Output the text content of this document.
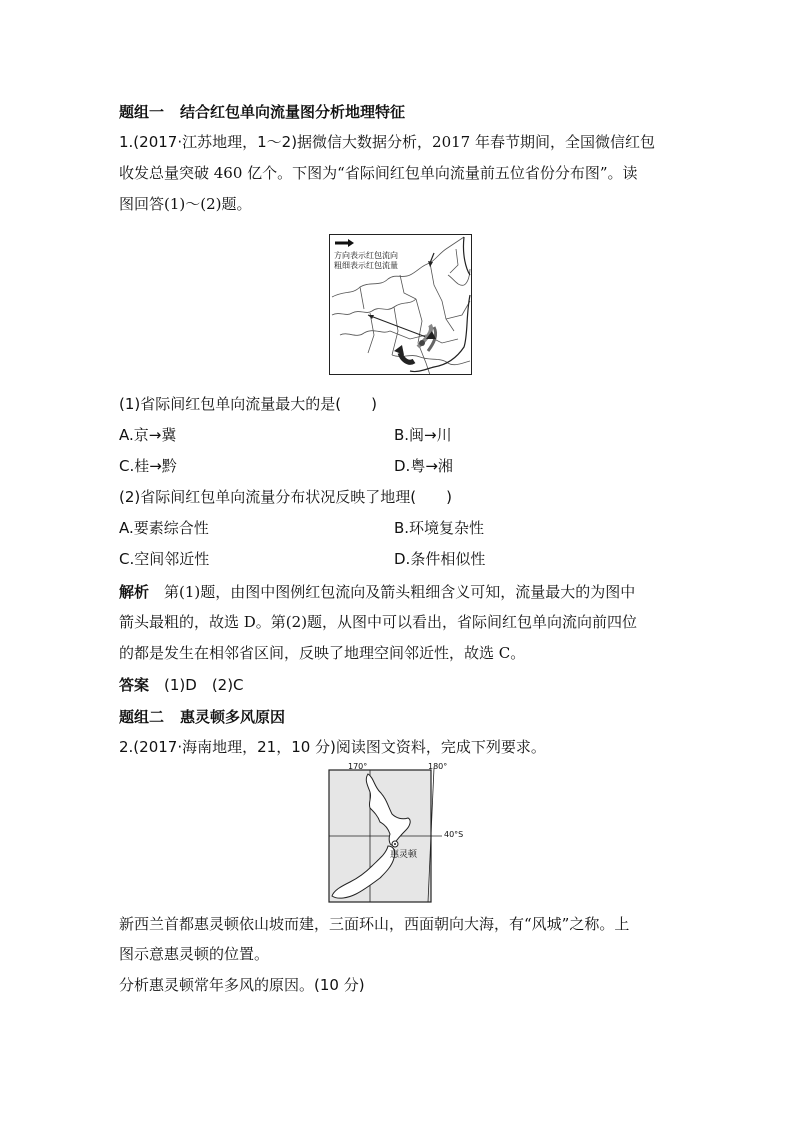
题组一 结合红包单向流量图分析地理特征
1.(2017·江苏地理，1～2)据微信大数据分析，2017 年春节期间，全国微信红包
收发总量突破 460 亿个。下图为“省际间红包单向流量前五位省份分布图”。读
图回答(1)～(2)题。
方向表示红包流向
粗细表示红包流量
(1)省际间红包单向流量最大的是(　　)
A.京→冀	B.闽→川
C.桂→黔	D.粤→湘
(2)省际间红包单向流量分布状况反映了地理(　　)
A.要素综合性	B.环境复杂性
C.空间邻近性	D.条件相似性
解析　第(1)题，由图中图例红包流向及箭头粗细含义可知，流量最大的为图中
箭头最粗的，故选 D。第(2)题，从图中可以看出，省际间红包单向流向前四位
的都是发生在相邻省区间，反映了地理空间邻近性，故选 C。
答案　(1)D　(2)C
题组二 惠灵顿多风原因
2.(2017·海南地理，21，10 分)阅读图文资料，完成下列要求。
170°	180°
40°S
惠灵顿
新西兰首都惠灵顿依山坡而建，三面环山，西面朝向大海，有“风城”之称。上
图示意惠灵顿的位置。
分析惠灵顿常年多风的原因。(10 分)
